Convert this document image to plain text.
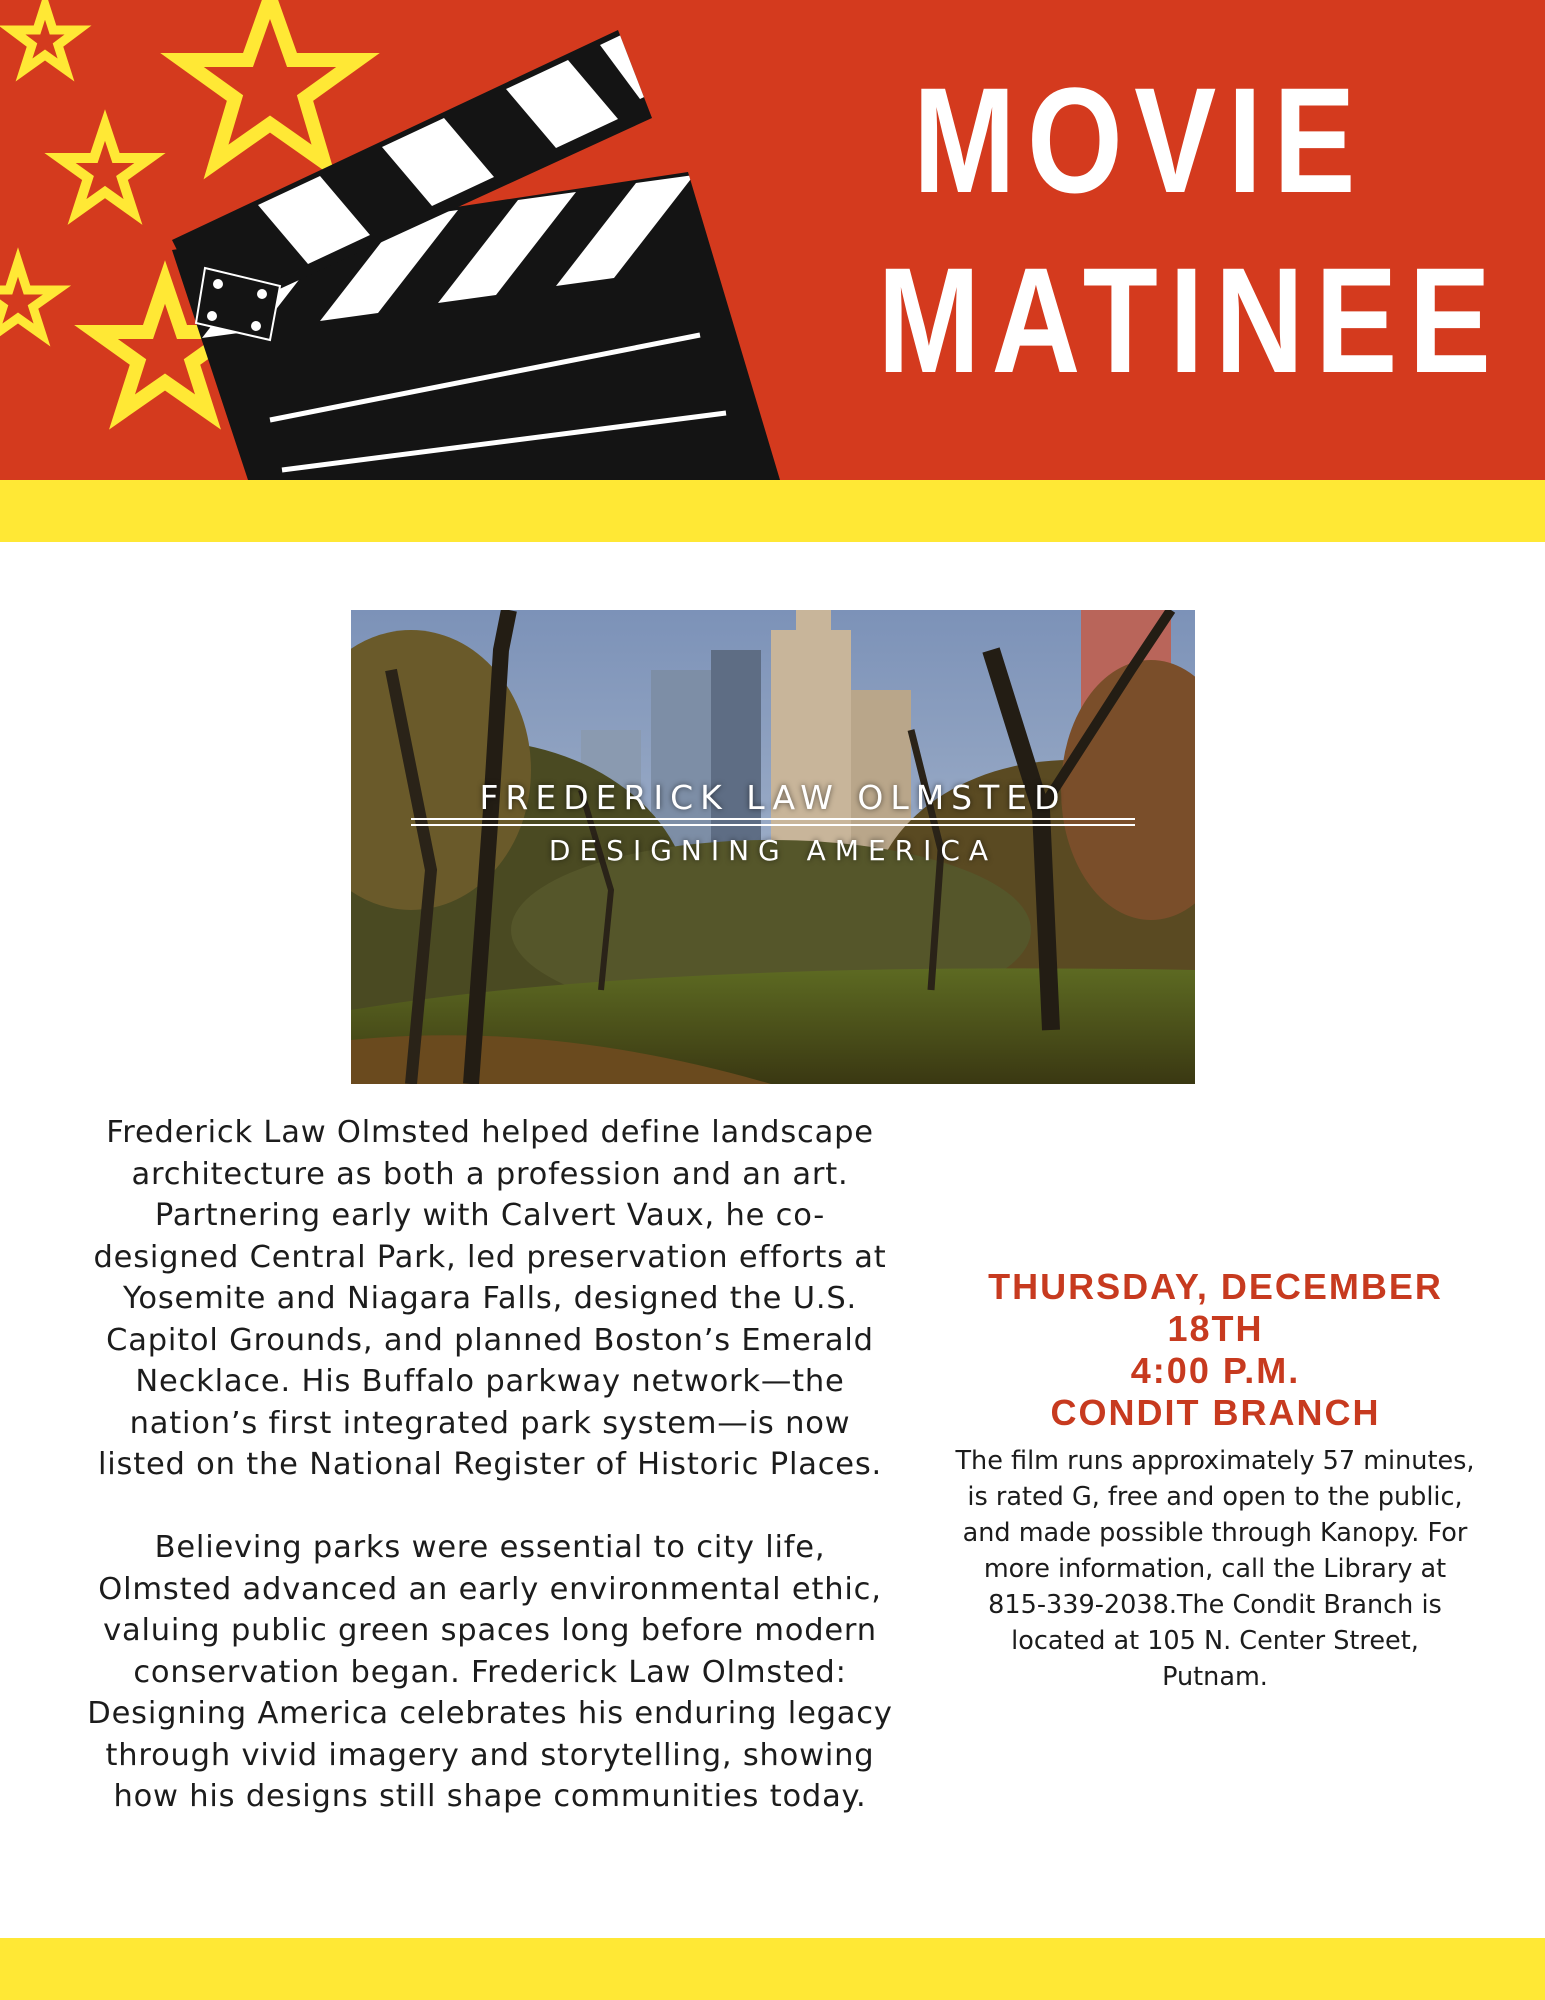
MOVIE
MATINEE
FREDERICK LAW OLMSTED
DESIGNING AMERICA

Frederick Law Olmsted helped define landscape architecture as both a profession and an art. Partnering early with Calvert Vaux, he co-designed Central Park, led preservation efforts at Yosemite and Niagara Falls, designed the U.S. Capitol Grounds, and planned Boston’s Emerald Necklace. His Buffalo parkway network—the nation’s first integrated park system—is now listed on the National Register of Historic Places.

Believing parks were essential to city life, Olmsted advanced an early environmental ethic, valuing public green spaces long before modern conservation began. Frederick Law Olmsted: Designing America celebrates his enduring legacy through vivid imagery and storytelling, showing how his designs still shape communities today.

THURSDAY, DECEMBER 18TH
4:00 P.M.
CONDIT BRANCH
The film runs approximately 57 minutes, is rated G, free and open to the public, and made possible through Kanopy. For more information, call the Library at 815-339-2038.The Condit Branch is located at 105 N. Center Street, Putnam.
